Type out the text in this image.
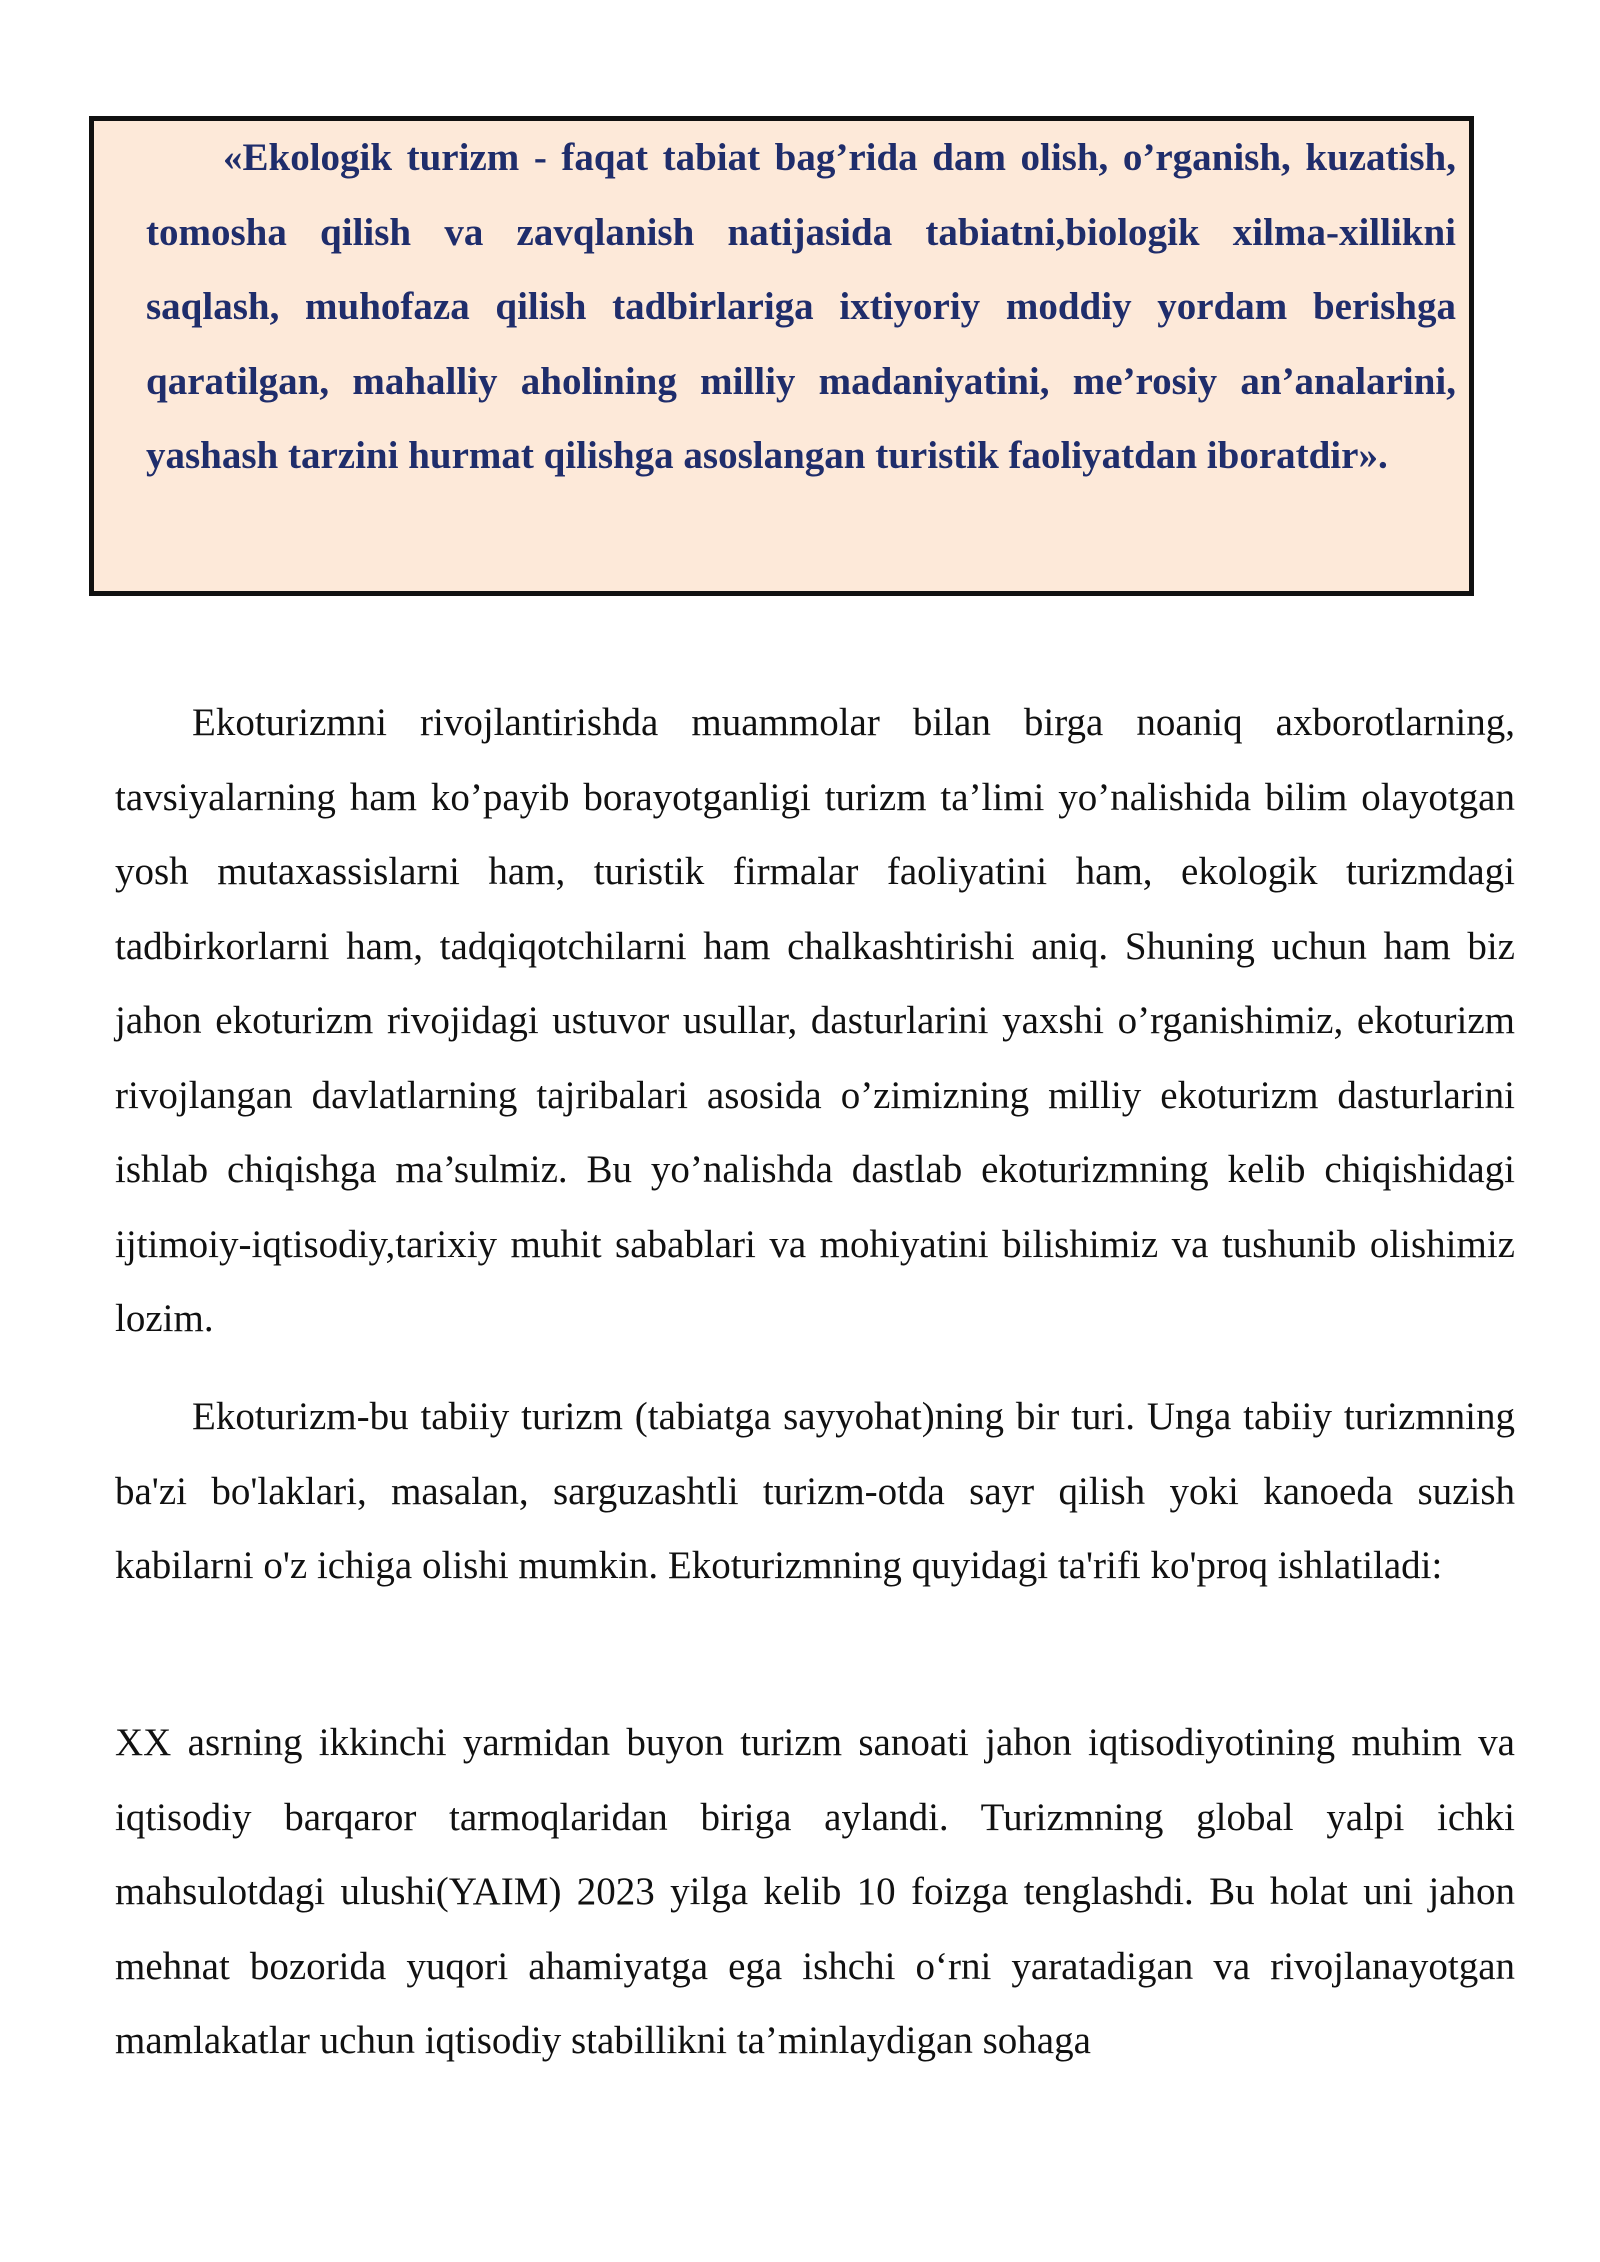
«Ekologik turizm - faqat tabiat bag’rida dam olish, o’rganish, kuzatish, tomosha qilish va zavqlanish natijasida tabiatni,biologik xilma-xillikni saqlash, muhofaza qilish tadbirlariga ixtiyoriy moddiy yordam berishga qaratilgan, mahalliy aholining milliy madaniyatini, me’rosiy an’analarini, yashash tarzini hurmat qilishga asoslangan turistik faoliyatdan iboratdir».

Ekoturizmni rivojlantirishda muammolar bilan birga noaniq axborotlarning, tavsiyalarning ham ko’payib borayotganligi turizm ta’limi yo’nalishida bilim olayotgan yosh mutaxassislarni ham, turistik firmalar faoliyatini ham, ekologik turizmdagi tadbirkorlarni ham, tadqiqotchilarni ham chalkashtirishi aniq. Shuning uchun ham biz jahon ekoturizm rivojidagi ustuvor usullar, dasturlarini yaxshi o’rganishimiz, ekoturizm rivojlangan davlatlarning tajribalari asosida o’zimizning milliy ekoturizm dasturlarini ishlab chiqishga ma’sulmiz. Bu yo’nalishda dastlab ekoturizmning kelib chiqishidagi ijtimoiy-iqtisodiy,tarixiy muhit sabablari va mohiyatini bilishimiz va tushunib olishimiz lozim.

Ekoturizm-bu tabiiy turizm (tabiatga sayyohat)ning bir turi. Unga tabiiy turizmning ba'zi bo'laklari, masalan, sarguzashtli turizm-otda sayr qilish yoki kanoeda suzish kabilarni o'z ichiga olishi mumkin. Ekoturizmning quyidagi ta'rifi ko'proq ishlatiladi:

XX asrning ikkinchi yarmidan buyon turizm sanoati jahon iqtisodiyotining muhim va iqtisodiy barqaror tarmoqlaridan biriga aylandi. Turizmning global yalpi ichki mahsulotdagi ulushi(YAIM) 2023 yilga kelib 10 foizga tenglashdi. Bu holat uni jahon mehnat bozorida yuqori ahamiyatga ega ishchi o‘rni yaratadigan va rivojlanayotgan mamlakatlar uchun iqtisodiy stabillikni ta’minlaydigan sohaga
